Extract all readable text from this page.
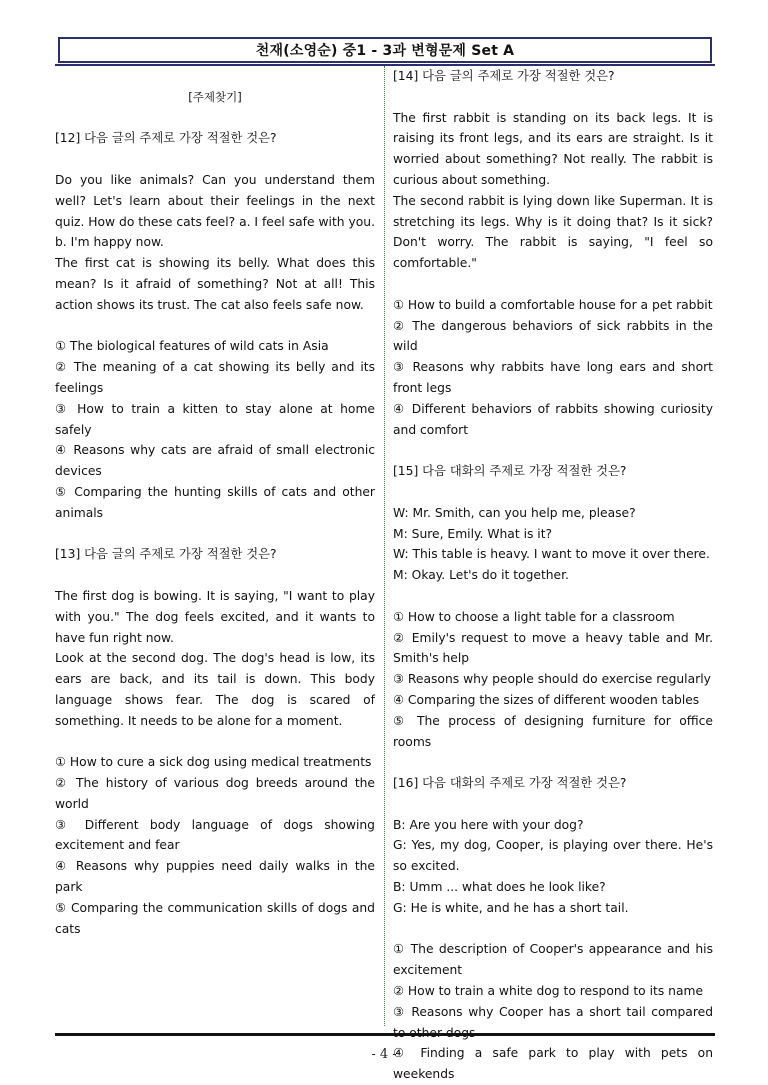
천재(소영순) 중1 - 3과 변형문제 Set A

[주제찾기]

[12] 다음 글의 주제로 가장 적절한 것은?

Do you like animals? Can you understand them well? Let's learn about their feelings in the next quiz. How do these cats feel? a. I feel safe with you.

b. I'm happy now.

The first cat is showing its belly. What does this mean? Is it afraid of something? Not at all! This action shows its trust. The cat also feels safe now.

① The biological features of wild cats in Asia

② The meaning of a cat showing its belly and its feelings

③ How to train a kitten to stay alone at home safely

④ Reasons why cats are afraid of small electronic devices

⑤ Comparing the hunting skills of cats and other animals

[13] 다음 글의 주제로 가장 적절한 것은?

The first dog is bowing. It is saying, "I want to play with you." The dog feels excited, and it wants to have fun right now.

Look at the second dog. The dog's head is low, its ears are back, and its tail is down. This body language shows fear. The dog is scared of something. It needs to be alone for a moment.

① How to cure a sick dog using medical treatments

② The history of various dog breeds around the world

③ Different body language of dogs showing excitement and fear

④ Reasons why puppies need daily walks in the park

⑤ Comparing the communication skills of dogs and cats

[14] 다음 글의 주제로 가장 적절한 것은?

The first rabbit is standing on its back legs. It is raising its front legs, and its ears are straight. Is it worried about something? Not really. The rabbit is curious about something.

The second rabbit is lying down like Superman. It is stretching its legs. Why is it doing that? Is it sick? Don't worry. The rabbit is saying, "I feel so comfortable."

① How to build a comfortable house for a pet rabbit

② The dangerous behaviors of sick rabbits in the wild

③ Reasons why rabbits have long ears and short front legs

④ Different behaviors of rabbits showing curiosity and comfort

[15] 다음 대화의 주제로 가장 적절한 것은?

W: Mr. Smith, can you help me, please?

M: Sure, Emily. What is it?

W: This table is heavy. I want to move it over there.

M: Okay. Let's do it together.

① How to choose a light table for a classroom

② Emily's request to move a heavy table and Mr. Smith's help

③ Reasons why people should do exercise regularly

④ Comparing the sizes of different wooden tables

⑤ The process of designing furniture for office rooms

[16] 다음 대화의 주제로 가장 적절한 것은?

B: Are you here with your dog?

G: Yes, my dog, Cooper, is playing over there. He's so excited.

B: Umm ... what does he look like?

G: He is white, and he has a short tail.

① The description of Cooper's appearance and his excitement

② How to train a white dog to respond to its name

③ Reasons why Cooper has a short tail compared

④ Finding a safe park to play with pets on weekends

- 4 -
